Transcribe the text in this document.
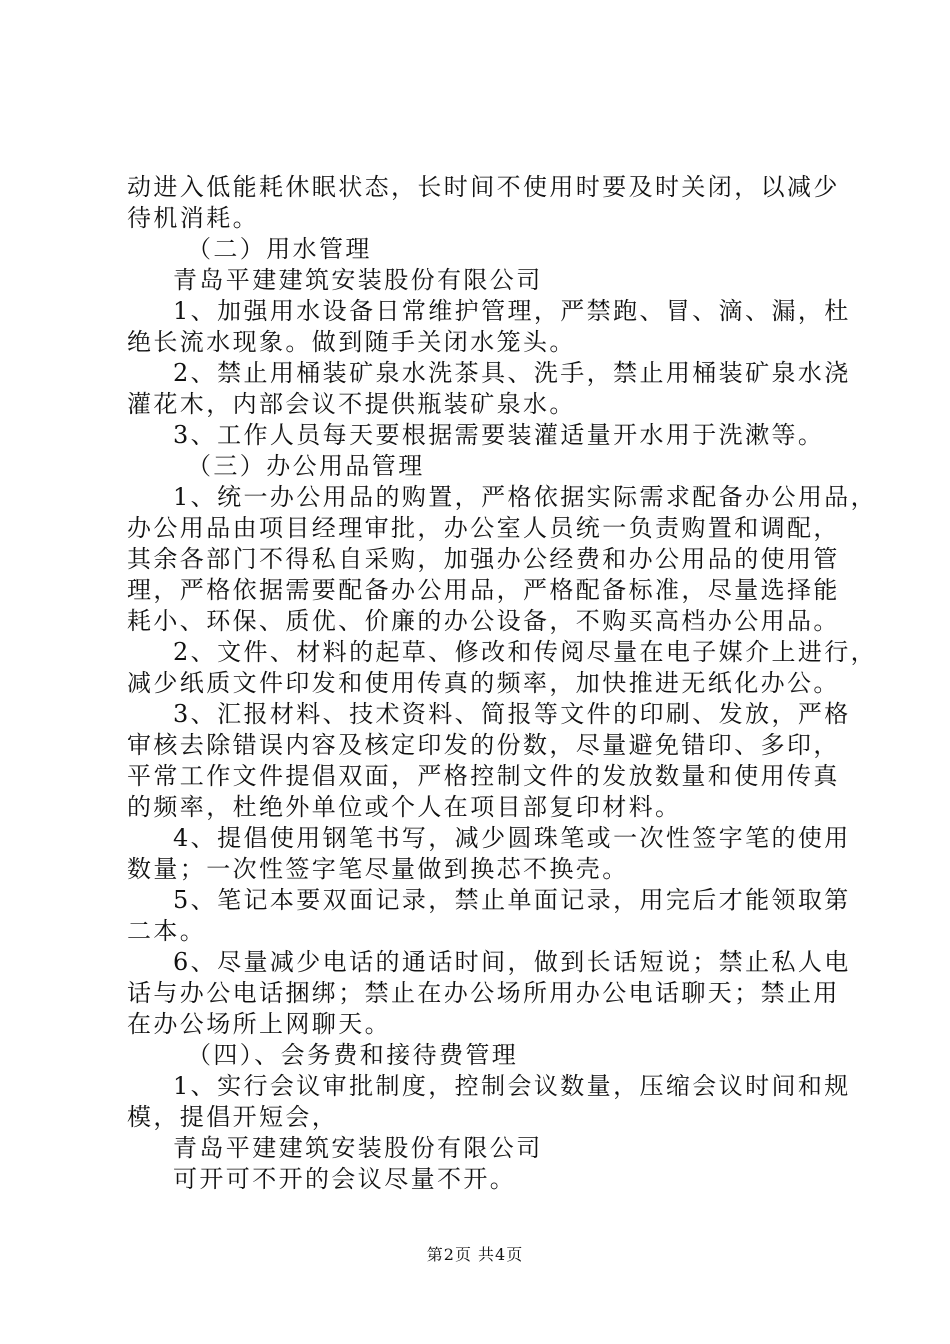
动进入低能耗休眠状态，长时间不使用时要及时关闭，以减少
待机消耗。
（二）用水管理
青岛平建建筑安装股份有限公司
1、加强用水设备日常维护管理，严禁跑、冒、滴、漏，杜
绝长流水现象。做到随手关闭水笼头。
2、禁止用桶装矿泉水洗茶具、洗手，禁止用桶装矿泉水浇
灌花木，内部会议不提供瓶装矿泉水。
3、工作人员每天要根据需要装灌适量开水用于洗漱等。
（三）办公用品管理
1、统一办公用品的购置，严格依据实际需求配备办公用品，
办公用品由项目经理审批，办公室人员统一负责购置和调配，
其余各部门不得私自采购，加强办公经费和办公用品的使用管
理，严格依据需要配备办公用品，严格配备标准，尽量选择能
耗小、环保、质优、价廉的办公设备，不购买高档办公用品。
2、文件、材料的起草、修改和传阅尽量在电子媒介上进行，
减少纸质文件印发和使用传真的频率，加快推进无纸化办公。
3、汇报材料、技术资料、简报等文件的印刷、发放，严格
审核去除错误内容及核定印发的份数，尽量避免错印、多印，
平常工作文件提倡双面，严格控制文件的发放数量和使用传真
的频率，杜绝外单位或个人在项目部复印材料。
4、提倡使用钢笔书写，减少圆珠笔或一次性签字笔的使用
数量；一次性签字笔尽量做到换芯不换壳。
5、笔记本要双面记录，禁止单面记录，用完后才能领取第
二本。
6、尽量减少电话的通话时间，做到长话短说；禁止私人电
话与办公电话捆绑；禁止在办公场所用办公电话聊天；禁止用
在办公场所上网聊天。
（四）、会务费和接待费管理
1、实行会议审批制度，控制会议数量，压缩会议时间和规
模，提倡开短会，
青岛平建建筑安装股份有限公司
可开可不开的会议尽量不开。
第2页 共4页
